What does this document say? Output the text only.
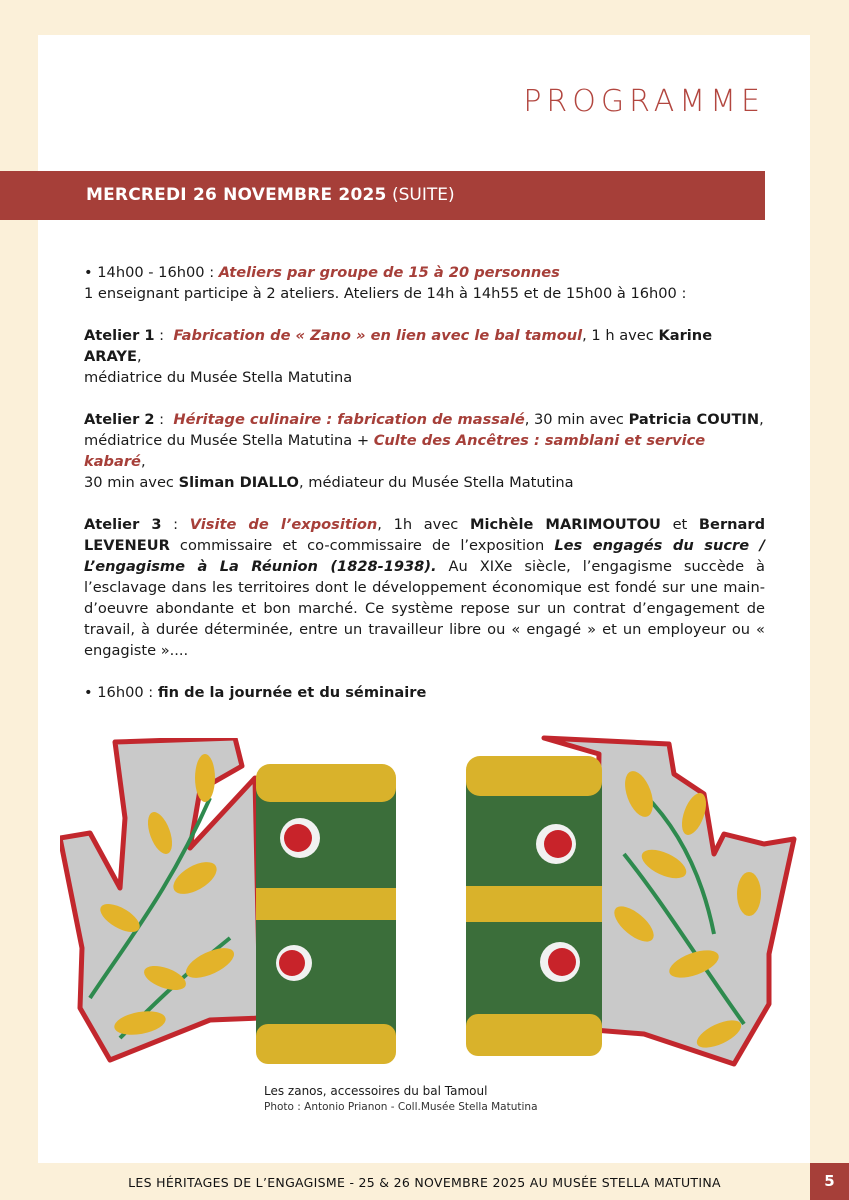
PROGRAMME
MERCREDI 26 NOVEMBRE 2025 (SUITE)

• 14h00 - 16h00 : Ateliers par groupe de 15 à 20 personnes

1 enseignant participe à 2 ateliers. Ateliers de 14h à 14h55 et de 15h00 à 16h00 :

Atelier 1 :  Fabrication de « Zano » en lien avec le bal tamoul, 1 h avec Karine ARAYE,

médiatrice du Musée Stella Matutina

Atelier 2 :  Héritage culinaire : fabrication de massalé, 30 min avec Patricia COUTIN,

médiatrice du Musée Stella Matutina + Culte des Ancêtres : samblani et service kabaré,

30 min avec Sliman DIALLO, médiateur du Musée Stella Matutina

Atelier 3 : Visite de l’exposition, 1h avec Michèle MARIMOUTOU et Bernard LEVENEUR commissaire et co-commissaire de l’exposition Les engagés du sucre / L’engagisme à La Réunion (1828-1938). Au XIXe siècle, l’engagisme succède à l’esclavage dans les territoires dont le développement économique est fondé sur une main-d’oeuvre abondante et bon marché. Ce système repose sur un contrat d’engagement de travail, à durée déterminée, entre un travailleur libre ou « engagé » et un employeur ou « engagiste »....

• 16h00 : fin de la journée et du séminaire

Les zanos, accessoires du bal Tamoul
Photo : Antonio Prianon - Coll.Musée Stella Matutina
LES HÉRITAGES DE L’ENGAGISME - 25 & 26 NOVEMBRE 2025 AU MUSÉE STELLA MATUTINA	5
